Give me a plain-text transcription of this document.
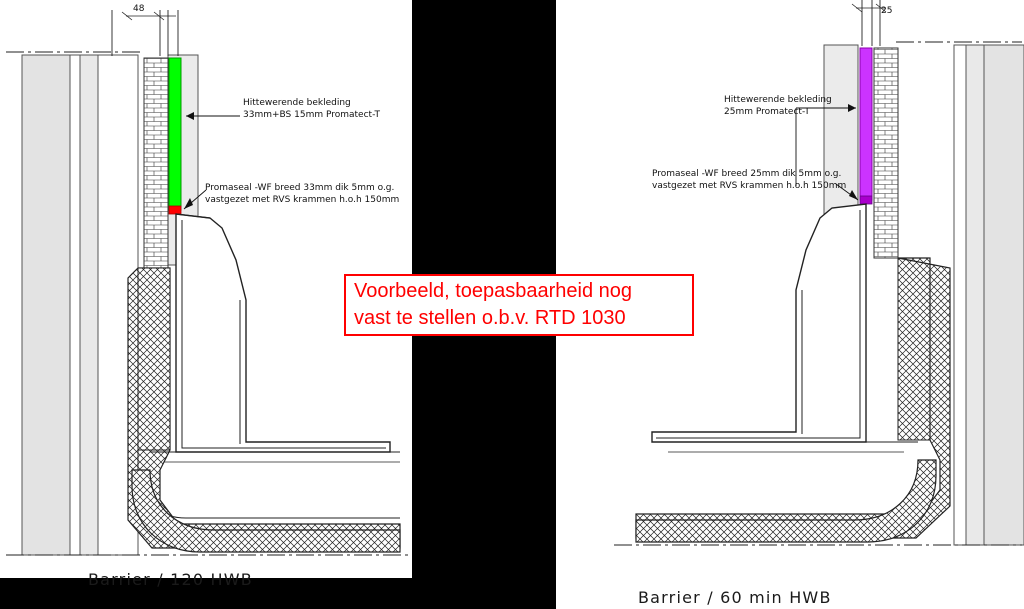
Hittewerende bekleding
33mm+BS 15mm Promatect-T
Promaseal -WF breed 33mm dik 5mm o.g.
vastgezet met RVS krammen h.o.h 150mm
48
Barrier / 120 HWB
Hittewerende bekleding
25mm Promatect-T
Promaseal -WF breed 25mm dik 5mm o.g.
vastgezet met RVS krammen h.o.h 150mm
25
Barrier / 60 min HWB
Voorbeeld, toepasbaarheid nog
vast te stellen o.b.v. RTD 1030
